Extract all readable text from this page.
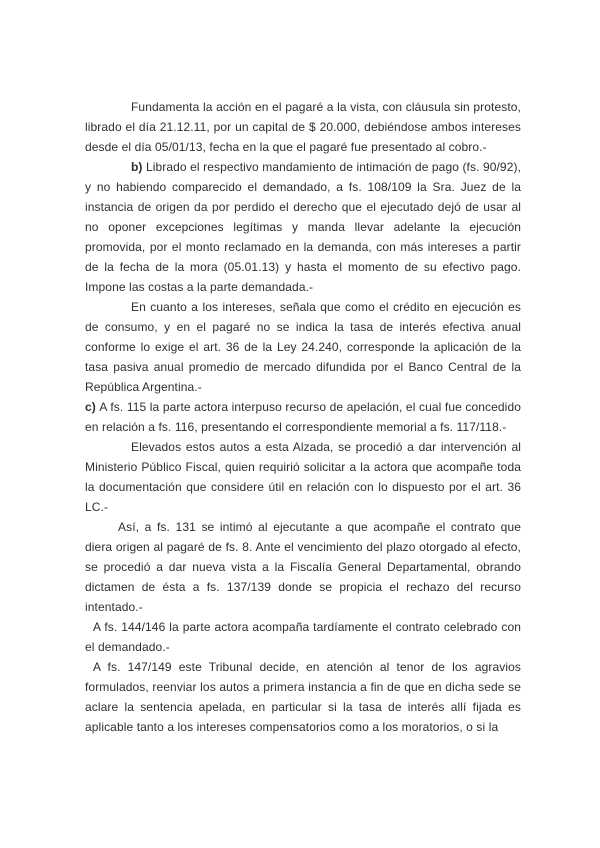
Fundamenta la acción en el pagaré a la vista, con cláusula sin protesto, librado el día 21.12.11, por un capital de $ 20.000, debiéndose ambos intereses desde el día 05/01/13, fecha en la que el pagaré fue presentado al cobro.-

b) Librado el respectivo mandamiento de intimación de pago (fs. 90/92), y no habiendo comparecido el demandado, a fs. 108/109 la Sra. Juez de la instancia de origen da por perdido el derecho que el ejecutado dejó de usar al no oponer excepciones legítimas y manda llevar adelante la ejecución promovida, por el monto reclamado en la demanda, con más intereses a partir de la fecha de la mora (05.01.13) y hasta el momento de su efectivo pago. Impone las costas a la parte demandada.-

En cuanto a los intereses, señala que como el crédito en ejecución es de consumo, y en el pagaré no se indica la tasa de interés efectiva anual conforme lo exige el art. 36 de la Ley 24.240, corresponde la aplicación de la tasa pasiva anual promedio de mercado difundida por el Banco Central de la República Argentina.-

c) A fs. 115 la parte actora interpuso recurso de apelación, el cual fue concedido en relación a fs. 116, presentando el correspondiente memorial a fs. 117/118.-

Elevados estos autos a esta Alzada, se procedió a dar intervención al Ministerio Público Fiscal, quien requirió solicitar a la actora que acompañe toda la documentación que considere útil en relación con lo dispuesto por el art. 36 LC.-

Así, a fs. 131 se intimó al ejecutante a que acompañe el contrato que diera origen al pagaré de fs. 8. Ante el vencimiento del plazo otorgado al efecto, se procedió a dar nueva vista a la Fiscalía General Departamental, obrando dictamen de ésta a fs. 137/139 donde se propicia el rechazo del recurso intentado.-

A fs. 144/146 la parte actora acompaña tardíamente el contrato celebrado con el demandado.-

A fs. 147/149 este Tribunal decide, en atención al tenor de los agravios formulados, reenviar los autos a primera instancia a fin de que en dicha sede se aclare la sentencia apelada, en particular si la tasa de interés allí fijada es aplicable tanto a los intereses compensatorios como a los moratorios, o si la
